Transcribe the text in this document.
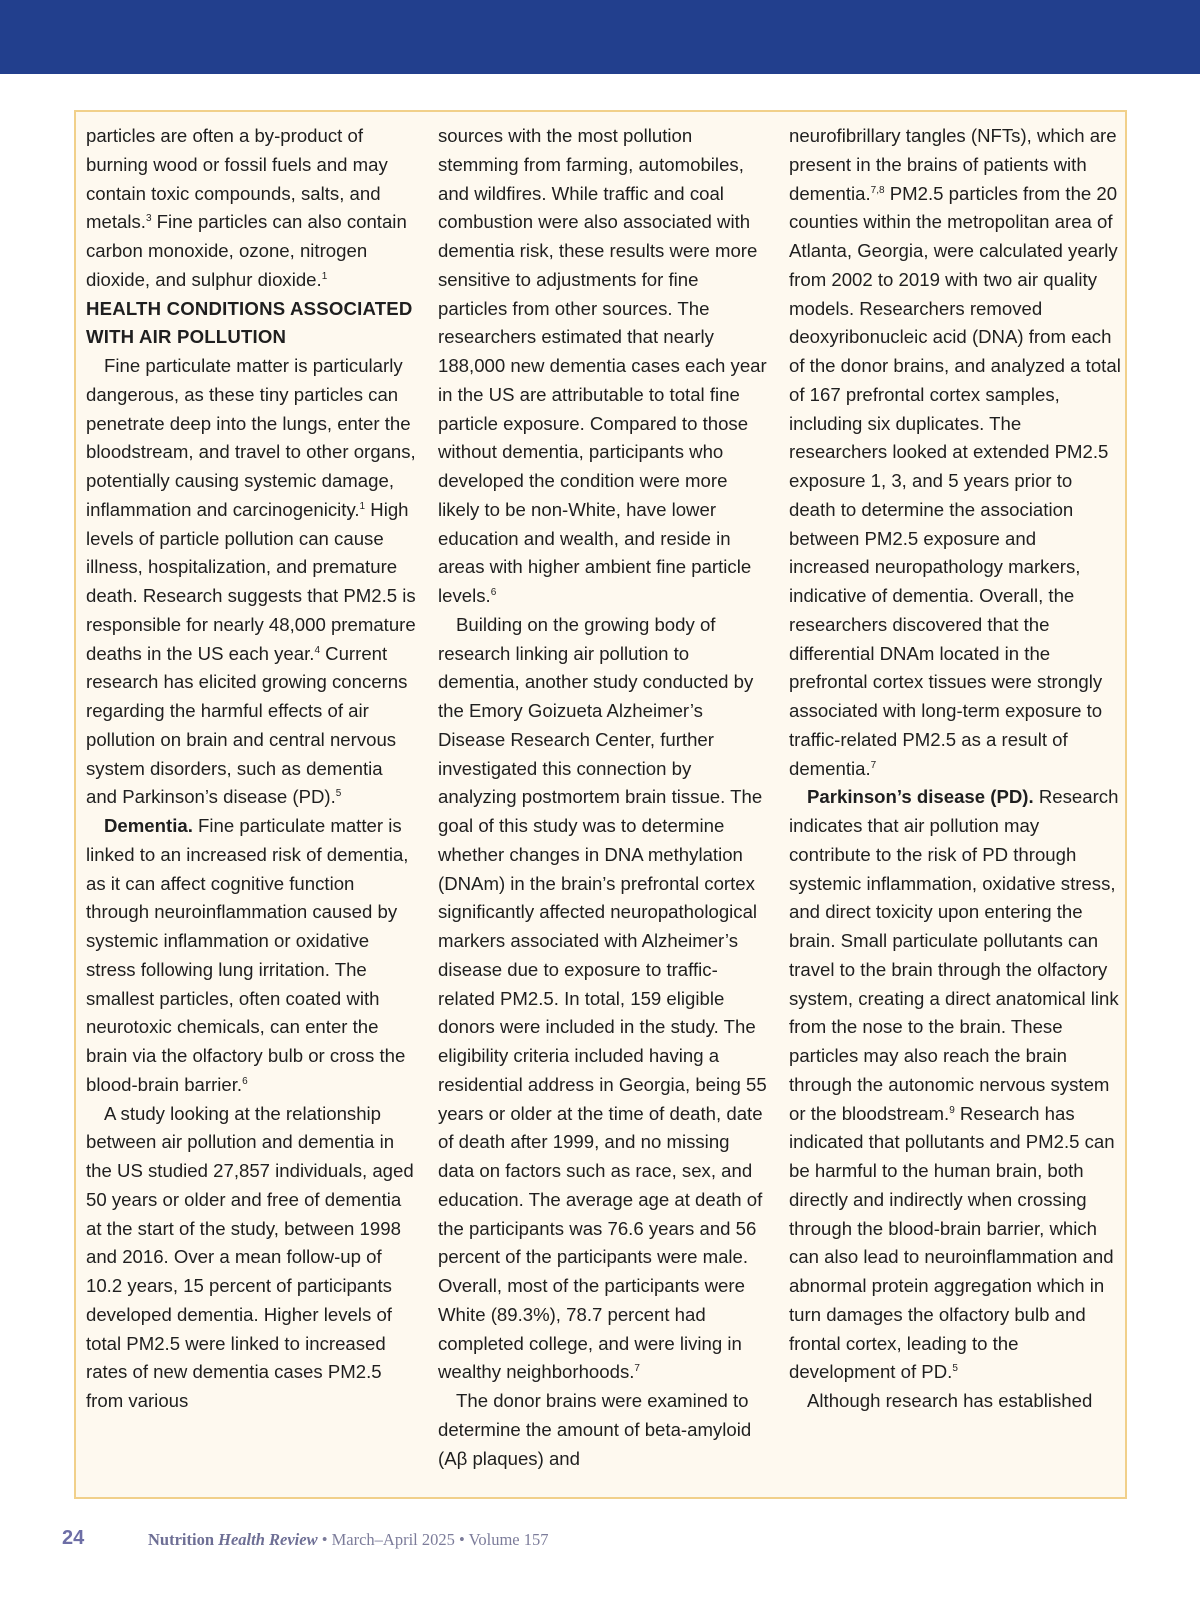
particles are often a by-product of burning wood or fossil fuels and may contain toxic compounds, salts, and metals.$^3$ Fine particles can also contain carbon monoxide, ozone, nitrogen dioxide, and sulphur dioxide.$^1$

HEALTH CONDITIONS ASSOCIATED WITH AIR POLLUTION

Fine particulate matter is particularly dangerous, as these tiny particles can penetrate deep into the lungs, enter the bloodstream, and travel to other organs, potentially causing systemic damage, inflammation and carcinogenicity.$^1$ High levels of particle pollution can cause illness, hospitalization, and premature death. Research suggests that PM2.5 is responsible for nearly 48,000 premature deaths in the US each year.$^4$ Current research has elicited growing concerns regarding the harmful effects of air pollution on brain and central nervous system disorders, such as dementia and Parkinson’s disease (PD).$^5$

Dementia. Fine particulate matter is linked to an increased risk of dementia, as it can affect cognitive function through neuroinflammation caused by systemic inflammation or oxidative stress following lung irritation. The smallest particles, often coated with neurotoxic chemicals, can enter the brain via the olfactory bulb or cross the blood-brain barrier.$^6$

A study looking at the relationship between air pollution and dementia in the US studied 27,857 individuals, aged 50 years or older and free of dementia at the start of the study, between 1998 and 2016. Over a mean follow-up of 10.2 years, 15 percent of participants developed dementia. Higher levels of total PM2.5 were linked to increased rates of new dementia cases PM2.5 from various

sources with the most pollution stemming from farming, automobiles, and wildfires. While traffic and coal combustion were also associated with dementia risk, these results were more sensitive to adjustments for fine particles from other sources. The researchers estimated that nearly 188,000 new dementia cases each year in the US are attributable to total fine particle exposure. Compared to those without dementia, participants who developed the condition were more likely to be non-White, have lower education and wealth, and reside in areas with higher ambient fine particle levels.$^6$

Building on the growing body of research linking air pollution to dementia, another study conducted by the Emory Goizueta Alzheimer’s Disease Research Center, further investigated this connection by analyzing postmortem brain tissue. The goal of this study was to determine whether changes in DNA methylation (DNAm) in the brain’s prefrontal cortex significantly affected neuropathological markers associated with Alzheimer’s disease due to exposure to traffic-related PM2.5. In total, 159 eligible donors were included in the study. The eligibility criteria included having a residential address in Georgia, being 55 years or older at the time of death, date of death after 1999, and no missing data on factors such as race, sex, and education. The average age at death of the participants was 76.6 years and 56 percent of the participants were male. Overall, most of the participants were White (89.3%), 78.7 percent had completed college, and were living in wealthy neighborhoods.$^7$

The donor brains were examined to determine the amount of beta-amyloid (Aβ plaques) and

neurofibrillary tangles (NFTs), which are present in the brains of patients with dementia.$^{7,8}$ PM2.5 particles from the 20 counties within the metropolitan area of Atlanta, Georgia, were calculated yearly from 2002 to 2019 with two air quality models. Researchers removed deoxyribonucleic acid (DNA) from each of the donor brains, and analyzed a total of 167 prefrontal cortex samples, including six duplicates. The researchers looked at extended PM2.5 exposure 1, 3, and 5 years prior to death to determine the association between PM2.5 exposure and increased neuropathology markers, indicative of dementia. Overall, the researchers discovered that the differential DNAm located in the prefrontal cortex tissues were strongly associated with long-term exposure to traffic-related PM2.5 as a result of dementia.$^7$

Parkinson’s disease (PD). Research indicates that air pollution may contribute to the risk of PD through systemic inflammation, oxidative stress, and direct toxicity upon entering the brain. Small particulate pollutants can travel to the brain through the olfactory system, creating a direct anatomical link from the nose to the brain. These particles may also reach the brain through the autonomic nervous system or the bloodstream.$^9$ Research has indicated that pollutants and PM2.5 can be harmful to the human brain, both directly and indirectly when crossing through the blood-brain barrier, which can also lead to neuroinflammation and abnormal protein aggregation which in turn damages the olfactory bulb and frontal cortex, leading to the development of PD.$^5$

Although research has established

24	Nutrition Health Review • March–April 2025 • Volume 157
